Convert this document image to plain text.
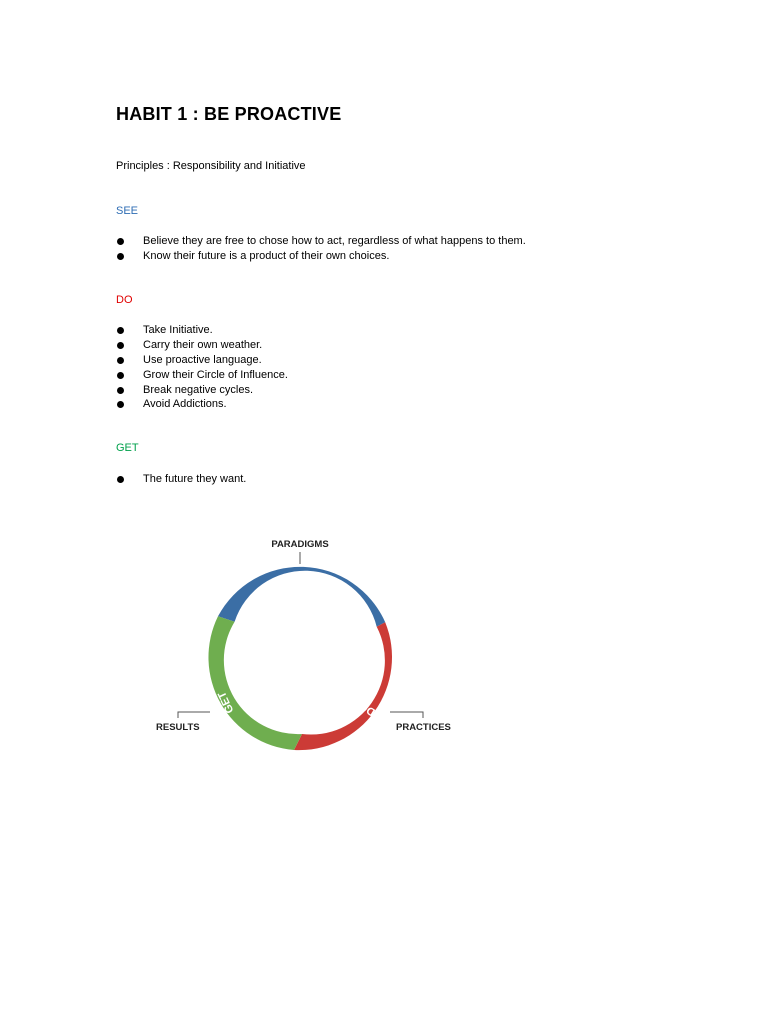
HABIT 1 : BE PROACTIVE
Principles : Responsibility and Initiative
SEE
Believe they are free to chose how to act, regardless of what happens to them.
Know their future is a product of their own choices.
DO
Take Initiative.
Carry their own weather.
Use proactive language.
Grow their Circle of Influence.
Break negative cycles.
Avoid Addictions.
GET
The future they want.
PARADIGMS
SEE
DO
GET
RESULTS	PRACTICES
